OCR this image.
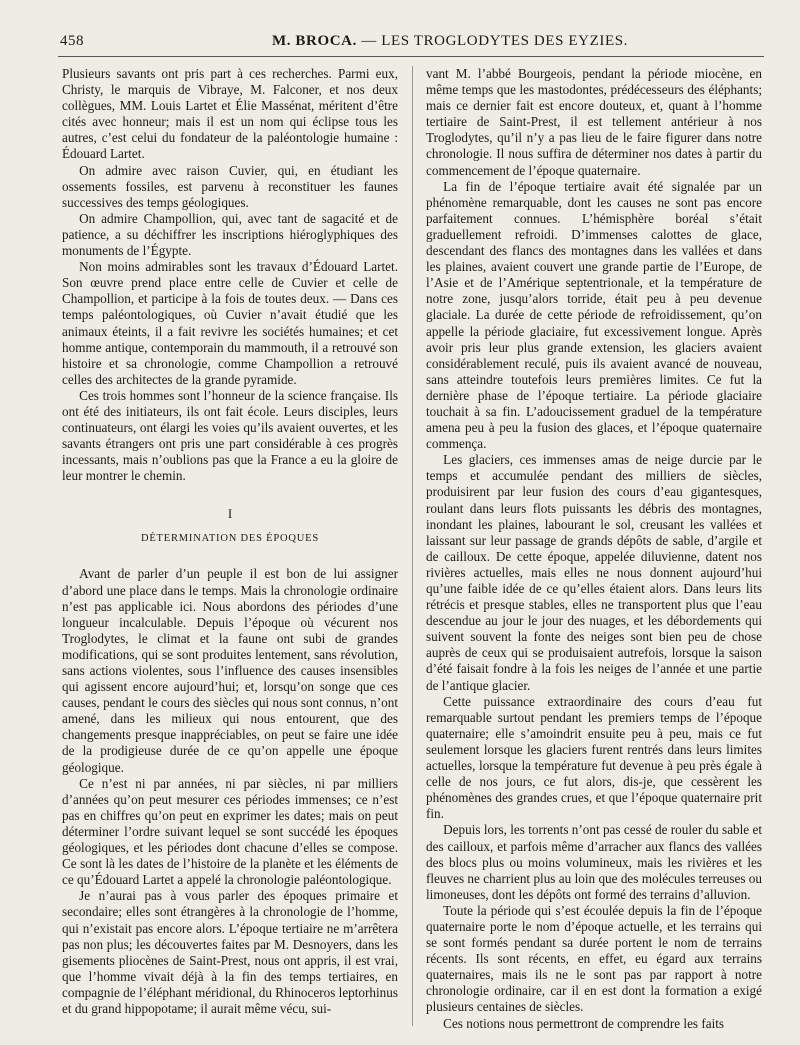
458	M. BROCA. — LES TROGLODYTES DES EYZIES.

Plusieurs savants ont pris part à ces recherches. Parmi eux, Christy, le marquis de Vibraye, M. Falconer, et nos deux collègues, MM. Louis Lartet et Élie Massénat, méritent d’être cités avec honneur; mais il est un nom qui éclipse tous les autres, c’est celui du fondateur de la paléontologie humaine : Édouard Lartet.

On admire avec raison Cuvier, qui, en étudiant les ossements fossiles, est parvenu à reconstituer les faunes successives des temps géologiques.

On admire Champollion, qui, avec tant de sagacité et de patience, a su déchiffrer les inscriptions hiéroglyphiques des monuments de l’Égypte.

Non moins admirables sont les travaux d’Édouard Lartet. Son œuvre prend place entre celle de Cuvier et celle de Champollion, et participe à la fois de toutes deux. — Dans ces temps paléontologiques, où Cuvier n’avait étudié que les animaux éteints, il a fait revivre les sociétés humaines; et cet homme antique, contemporain du mammouth, il a retrouvé son histoire et sa chronologie, comme Champollion a retrouvé celles des architectes de la grande pyramide.

Ces trois hommes sont l’honneur de la science française. Ils ont été des initiateurs, ils ont fait école. Leurs disciples, leurs continuateurs, ont élargi les voies qu’ils avaient ouvertes, et les savants étrangers ont pris une part considérable à ces progrès incessants, mais n’oublions pas que la France a eu la gloire de leur montrer le chemin.

I
DÉTERMINATION DES ÉPOQUES

Avant de parler d’un peuple il est bon de lui assigner d’abord une place dans le temps. Mais la chronologie ordinaire n’est pas applicable ici. Nous abordons des périodes d’une longueur incalculable. Depuis l’époque où vécurent nos Troglodytes, le climat et la faune ont subi de grandes modifications, qui se sont produites lentement, sans révolution, sans actions violentes, sous l’influence des causes insensibles qui agissent encore aujourd’hui; et, lorsqu’on songe que ces causes, pendant le cours des siècles qui nous sont connus, n’ont amené, dans les milieux qui nous entourent, que des changements presque inappréciables, on peut se faire une idée de la prodigieuse durée de ce qu’on appelle une époque géologique.

Ce n’est ni par années, ni par siècles, ni par milliers d’années qu’on peut mesurer ces périodes immenses; ce n’est pas en chiffres qu’on peut en exprimer les dates; mais on peut déterminer l’ordre suivant lequel se sont succédé les époques géologiques, et les périodes dont chacune d’elles se compose. Ce sont là les dates de l’histoire de la planète et les éléments de ce qu’Édouard Lartet a appelé la chronologie paléontologique.

Je n’aurai pas à vous parler des époques primaire et secondaire; elles sont étrangères à la chronologie de l’homme, qui n’existait pas encore alors. L’époque tertiaire ne m’arrêtera pas non plus; les découvertes faites par M. Desnoyers, dans les gisements pliocènes de Saint-Prest, nous ont appris, il est vrai, que l’homme vivait déjà à la fin des temps tertiaires, en compagnie de l’éléphant méridional, du Rhinoceros leptorhinus et du grand hippopotame; il aurait même vécu, sui-

vant M. l’abbé Bourgeois, pendant la période miocène, en même temps que les mastodontes, prédécesseurs des éléphants; mais ce dernier fait est encore douteux, et, quant à l’homme tertiaire de Saint-Prest, il est tellement antérieur à nos Troglodytes, qu’il n’y a pas lieu de le faire figurer dans notre chronologie. Il nous suffira de déterminer nos dates à partir du commencement de l’époque quaternaire.

La fin de l’époque tertiaire avait été signalée par un phénomène remarquable, dont les causes ne sont pas encore parfaitement connues. L’hémisphère boréal s’était graduellement refroidi. D’immenses calottes de glace, descendant des flancs des montagnes dans les vallées et dans les plaines, avaient couvert une grande partie de l’Europe, de l’Asie et de l’Amérique septentrionale, et la température de notre zone, jusqu’alors torride, était peu à peu devenue glaciale. La durée de cette période de refroidissement, qu’on appelle la période glaciaire, fut excessivement longue. Après avoir pris leur plus grande extension, les glaciers avaient considérablement reculé, puis ils avaient avancé de nouveau, sans atteindre toutefois leurs premières limites. Ce fut la dernière phase de l’époque tertiaire. La période glaciaire touchait à sa fin. L’adoucissement graduel de la température amena peu à peu la fusion des glaces, et l’époque quaternaire commença.

Les glaciers, ces immenses amas de neige durcie par le temps et accumulée pendant des milliers de siècles, produisirent par leur fusion des cours d’eau gigantesques, roulant dans leurs flots puissants les débris des montagnes, inondant les plaines, labourant le sol, creusant les vallées et laissant sur leur passage de grands dépôts de sable, d’argile et de cailloux. De cette époque, appelée diluvienne, datent nos rivières actuelles, mais elles ne nous donnent aujourd’hui qu’une faible idée de ce qu’elles étaient alors. Dans leurs lits rétrécis et presque stables, elles ne transportent plus que l’eau descendue au jour le jour des nuages, et les débordements qui suivent souvent la fonte des neiges sont bien peu de chose auprès de ceux qui se produisaient autrefois, lorsque la saison d’été faisait fondre à la fois les neiges de l’année et une partie de l’antique glacier.

Cette puissance extraordinaire des cours d’eau fut remarquable surtout pendant les premiers temps de l’époque quaternaire; elle s’amoindrit ensuite peu à peu, mais ce fut seulement lorsque les glaciers furent rentrés dans leurs limites actuelles, lorsque la température fut devenue à peu près égale à celle de nos jours, ce fut alors, dis-je, que cessèrent les phénomènes des grandes crues, et que l’époque quaternaire prit fin.

Depuis lors, les torrents n’ont pas cessé de rouler du sable et des cailloux, et parfois même d’arracher aux flancs des vallées des blocs plus ou moins volumineux, mais les rivières et les fleuves ne charrient plus au loin que des molécules terreuses ou limoneuses, dont les dépôts ont formé des terrains d’alluvion.

Toute la période qui s’est écoulée depuis la fin de l’époque quaternaire porte le nom d’époque actuelle, et les terrains qui se sont formés pendant sa durée portent le nom de terrains récents. Ils sont récents, en effet, eu égard aux terrains quaternaires, mais ils ne le sont pas par rapport à notre chronologie ordinaire, car il en est dont la formation a exigé plusieurs centaines de siècles.

Ces notions nous permettront de comprendre les faits
